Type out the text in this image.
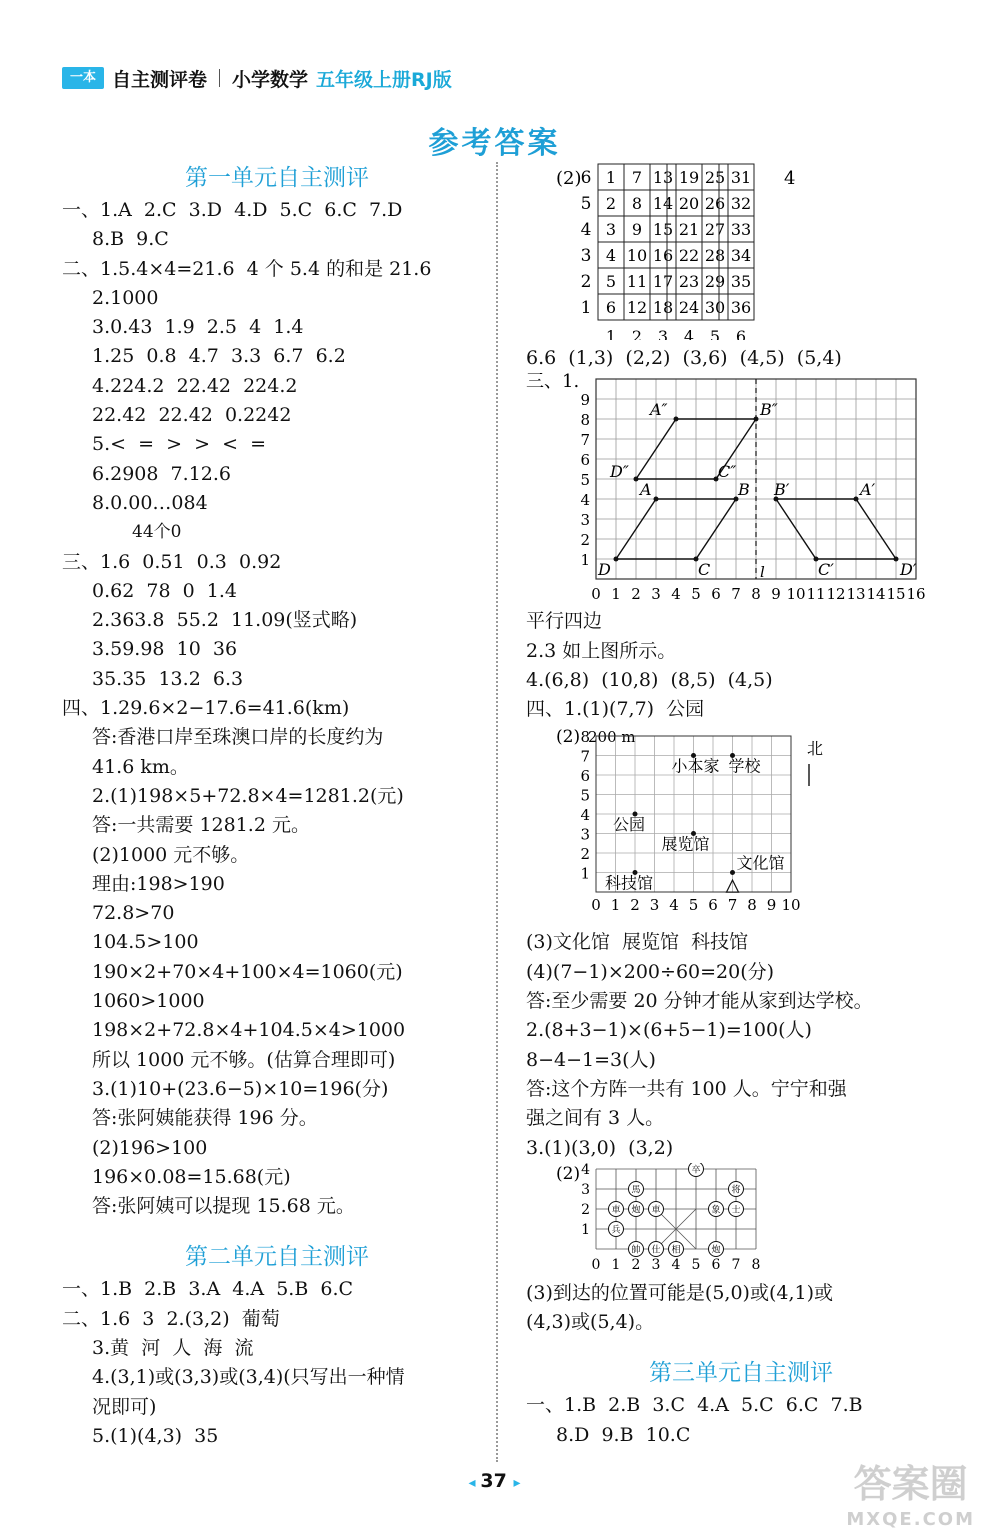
一本 自主测评卷 小学数学 五年级上册RJ版
参考答案
第一单元自主测评
一、1.A  2.C  3.D  4.D  5.C  6.C  7.D
8.B  9.C
二、1.5.4×4=21.6  4 个 5.4 的和是 21.6
2.1000
3.0.43  1.9  2.5  4  1.4
1.25  0.8  4.7  3.3  6.7  6.2
4.224.2  22.42  224.2
22.42  22.42  0.2242
5.<  =  >  >  <  =
6.2908  7.12.6
8.0.00…084
44个0
三、1.6  0.51  0.3  0.92
0.62  78  0  1.4
2.363.8  55.2  11.09(竖式略)
3.59.98  10  36
35.35  13.2  6.3
四、1.29.6×2−17.6=41.6(km)
答:香港口岸至珠澳口岸的长度约为
41.6 km。
2.(1)198×5+72.8×4=1281.2(元)
答:一共需要 1281.2 元。
(2)1000 元不够。
理由:198>190
72.8>70
104.5>100
190×2+70×4+100×4=1060(元)
1060>1000
198×2+72.8×4+104.5×4>1000
所以 1000 元不够。(估算合理即可)
3.(1)10+(23.6−5)×10=196(分)
答:张阿姨能获得 196 分。
(2)196>100
196×0.08=15.68(元)
答:张阿姨可以提现 15.68 元。
第二单元自主测评
一、1.B  2.B  3.A  4.A  5.B  6.C
二、1.6  3  2.(3,2)  葡萄
3.黄  河  人  海  流
4.(3,1)或(3,3)或(3,4)(只写出一种情
况即可)
5.(1)(4,3)  35
(2) 6 1 7 13 19 25 31
5 2 8 14 20 26 32
4 3 9 15 21 27 33
3 4 10 16 22 28 34
2 5 11 17 23 29 35
1 6 12 18 24 30 36
1 2 3 4 5 6
4
6.6  (1,3)  (2,2)  (3,6)  (4,5)  (5,4)
三、1.
9
8
7
6
5
4
3
2
1
0 1 2 3 4 5 6 7 8 9 10 11 12 13 14 15 16
A″	B″
D″	C″
A	B B′	A′
D	C	C′	D′
l
平行四边
2.3 如上图所示。
4.(6,8)  (10,8)  (8,5)  (4,5)
四、1.(1)(7,7)  公园
(2) 200 m
8
7
6
5
4
3
2
1
0 1 2 3 4 5 6 7 8 9 10
北
小本家 学校
公园
展览馆
文化馆
科技馆
(3)文化馆  展览馆  科技馆
(4)(7−1)×200÷60=20(分)
答:至少需要 20 分钟才能从家到达学校。
2.(8+3−1)×(6+5−1)=100(人)
8−4−1=3(人)
答:这个方阵一共有 100 人。宁宁和强
强之间有 3 人。
3.(1)(3,0)  (3,2)
(2) 4
3
2
1
0 1 2 3 4 5 6 7 8
帥 仕 相
車
馬
炮
兵
卒
将
士
象
車
炮
(3)到达的位置可能是(5,0)或(4,1)或
(4,3)或(5,4)。
第三单元自主测评
一、1.B  2.B  3.C  4.A  5.C  6.C  7.B
8.D  9.B  10.C
◂ 37 ▸	答案圈
MXQE.COM
